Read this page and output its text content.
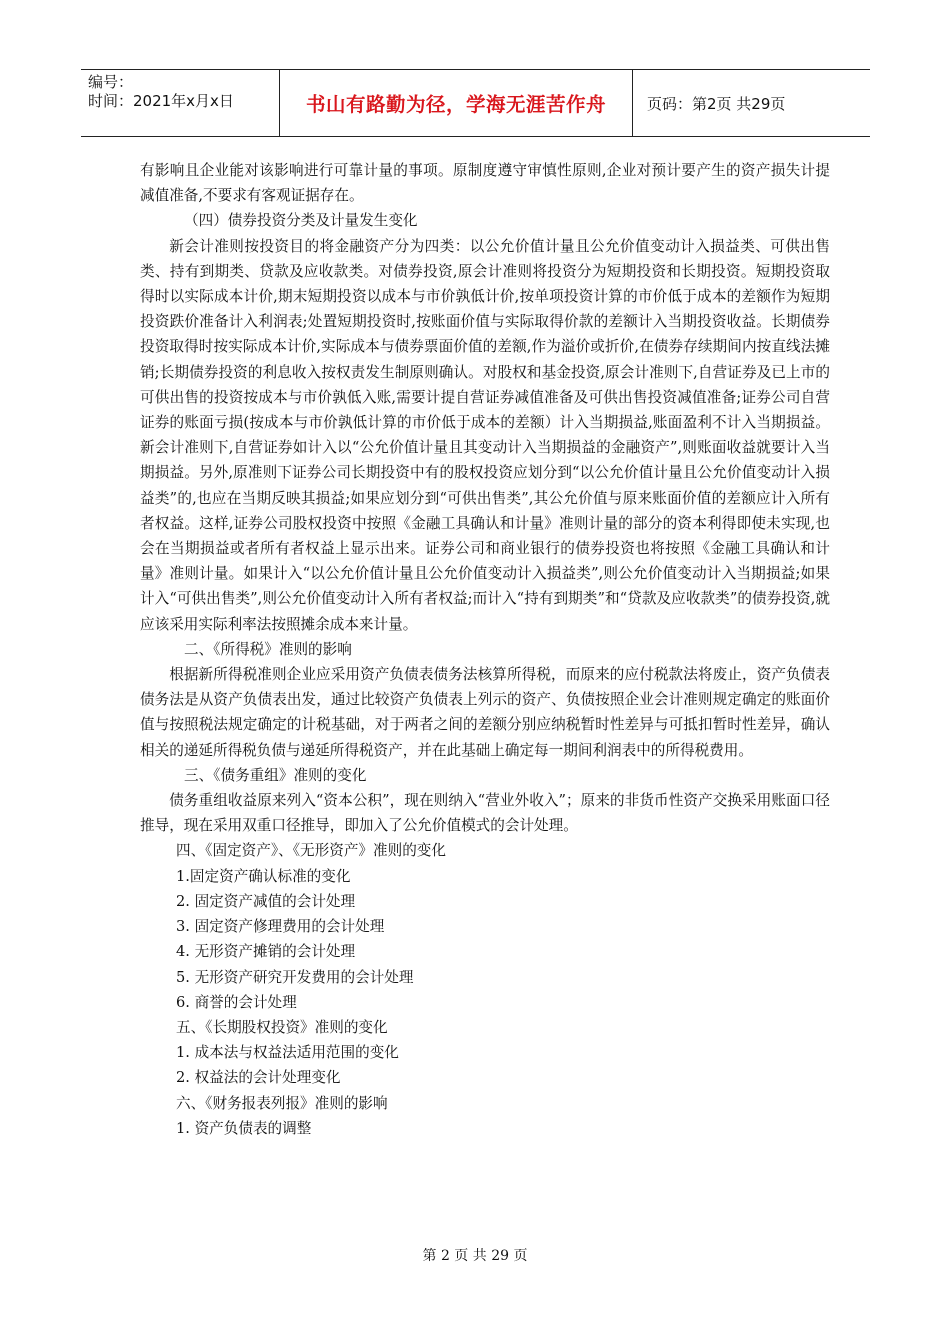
编号：
时间：2021年x月x日	书山有路勤为径，学海无涯苦作舟	页码：第2页 共29页

有影响且企业能对该影响进行可靠计量的事项。原制度遵守审慎性原则,企业对预计要产生的资产损失计提减值准备,不要求有客观证据存在。

（四）债券投资分类及计量发生变化

新会计准则按投资目的将金融资产分为四类：以公允价值计量且公允价值变动计入损益类、可供出售类、持有到期类、贷款及应收款类。对债券投资,原会计准则将投资分为短期投资和长期投资。短期投资取得时以实际成本计价,期末短期投资以成本与市价孰低计价,按单项投资计算的市价低于成本的差额作为短期投资跌价准备计入利润表;处置短期投资时,按账面价值与实际取得价款的差额计入当期投资收益。长期债券投资取得时按实际成本计价,实际成本与债券票面价值的差额,作为溢价或折价,在债券存续期间内按直线法摊销;长期债券投资的利息收入按权责发生制原则确认。对股权和基金投资,原会计准则下,自营证券及已上市的可供出售的投资按成本与市价孰低入账,需要计提自营证券减值准备及可供出售投资减值准备;证券公司自营证券的账面亏损(按成本与市价孰低计算的市价低于成本的差额）计入当期损益,账面盈利不计入当期损益。新会计准则下,自营证券如计入以“公允价值计量且其变动计入当期损益的金融资产”,则账面收益就要计入当期损益。另外,原准则下证券公司长期投资中有的股权投资应划分到“以公允价值计量且公允价值变动计入损益类”的,也应在当期反映其损益;如果应划分到“可供出售类”,其公允价值与原来账面价值的差额应计入所有者权益。这样,证券公司股权投资中按照《金融工具确认和计量》准则计量的部分的资本利得即使未实现,也会在当期损益或者所有者权益上显示出来。证券公司和商业银行的债券投资也将按照《金融工具确认和计量》准则计量。如果计入“以公允价值计量且公允价值变动计入损益类”,则公允价值变动计入当期损益;如果计入“可供出售类”,则公允价值变动计入所有者权益;而计入“持有到期类”和“贷款及应收款类”的债券投资,就应该采用实际利率法按照摊余成本来计量。

二、《所得税》准则的影响

根据新所得税准则企业应采用资产负债表债务法核算所得税，而原来的应付税款法将废止，资产负债表债务法是从资产负债表出发，通过比较资产负债表上列示的资产、负债按照企业会计准则规定确定的账面价值与按照税法规定确定的计税基础，对于两者之间的差额分别应纳税暂时性差异与可抵扣暂时性差异，确认相关的递延所得税负债与递延所得税资产，并在此基础上确定每一期间利润表中的所得税费用。

三、《债务重组》准则的变化

债务重组收益原来列入“资本公积”，现在则纳入“营业外收入”；原来的非货币性资产交换采用账面口径推导，现在采用双重口径推导，即加入了公允价值模式的会计处理。

四、《固定资产》、《无形资产》准则的变化

1.固定资产确认标准的变化

2. 固定资产减值的会计处理

3. 固定资产修理费用的会计处理

4. 无形资产摊销的会计处理

5. 无形资产研究开发费用的会计处理

6. 商誉的会计处理

五、《长期股权投资》准则的变化

1. 成本法与权益法适用范围的变化

2. 权益法的会计处理变化

六、《财务报表列报》准则的影响

1. 资产负债表的调整

第 2 页 共 29 页
